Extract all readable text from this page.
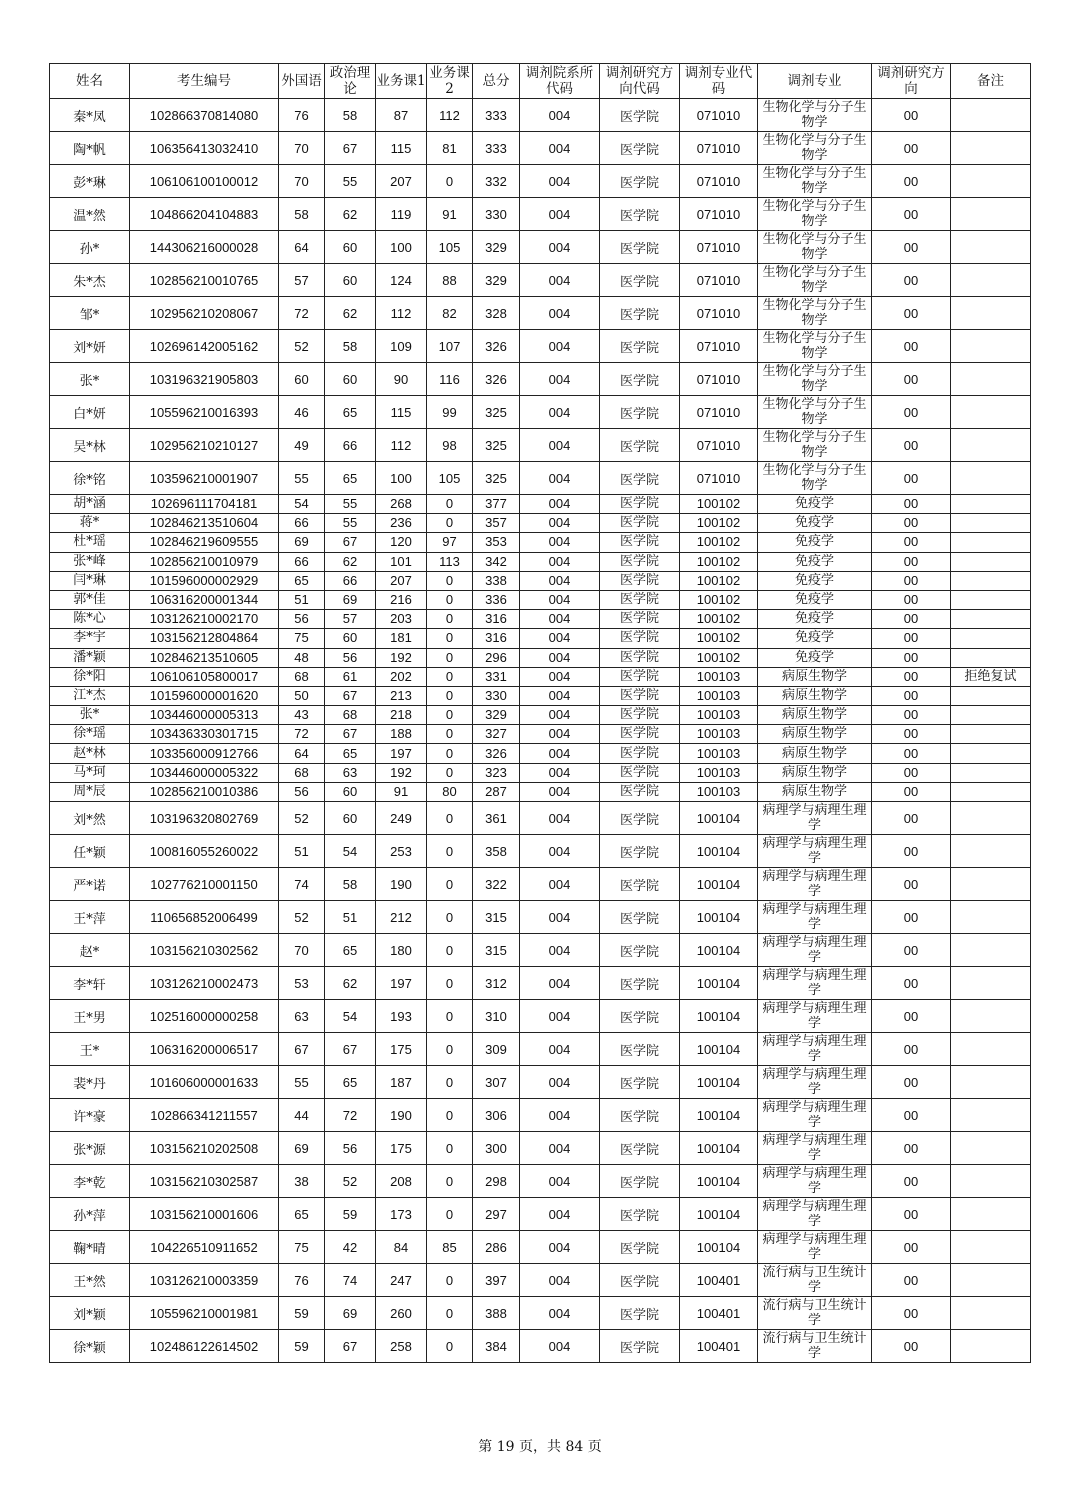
姓名	考生编号	外国语	政治理论	业务课1	业务课2	总分	调剂院系所代码	调剂研究方向代码	调剂专业代码	调剂专业	调剂研究方向	备注
秦*凤	102866370814080	76	58	87	112	333	004	医学院	071010	生物化学与分子生物学	00	
陶*帆	106356413032410	70	67	115	81	333	004	医学院	071010	生物化学与分子生物学	00	
彭*琳	106106100100012	70	55	207	0	332	004	医学院	071010	生物化学与分子生物学	00	
温*然	104866204104883	58	62	119	91	330	004	医学院	071010	生物化学与分子生物学	00	
孙*	144306216000028	64	60	100	105	329	004	医学院	071010	生物化学与分子生物学	00	
朱*杰	102856210010765	57	60	124	88	329	004	医学院	071010	生物化学与分子生物学	00	
邹*	102956210208067	72	62	112	82	328	004	医学院	071010	生物化学与分子生物学	00	
刘*妍	102696142005162	52	58	109	107	326	004	医学院	071010	生物化学与分子生物学	00	
张*	103196321905803	60	60	90	116	326	004	医学院	071010	生物化学与分子生物学	00	
白*妍	105596210016393	46	65	115	99	325	004	医学院	071010	生物化学与分子生物学	00	
吴*林	102956210210127	49	66	112	98	325	004	医学院	071010	生物化学与分子生物学	00	
徐*铭	103596210001907	55	65	100	105	325	004	医学院	071010	生物化学与分子生物学	00	
胡*涵	102696111704181	54	55	268	0	377	004	医学院	100102	免疫学	00	
蒋*	102846213510604	66	55	236	0	357	004	医学院	100102	免疫学	00	
杜*瑶	102846219609555	69	67	120	97	353	004	医学院	100102	免疫学	00	
张*峰	102856210010979	66	62	101	113	342	004	医学院	100102	免疫学	00	
闫*琳	101596000002929	65	66	207	0	338	004	医学院	100102	免疫学	00	
郭*佳	106316200001344	51	69	216	0	336	004	医学院	100102	免疫学	00	
陈*心	103126210002170	56	57	203	0	316	004	医学院	100102	免疫学	00	
李*宇	103156212804864	75	60	181	0	316	004	医学院	100102	免疫学	00	
潘*颖	102846213510605	48	56	192	0	296	004	医学院	100102	免疫学	00	
徐*阳	106106105800017	68	61	202	0	331	004	医学院	100103	病原生物学	00	拒绝复试
江*杰	101596000001620	50	67	213	0	330	004	医学院	100103	病原生物学	00	
张*	103446000005313	43	68	218	0	329	004	医学院	100103	病原生物学	00	
徐*瑶	103436330301715	72	67	188	0	327	004	医学院	100103	病原生物学	00	
赵*林	103356000912766	64	65	197	0	326	004	医学院	100103	病原生物学	00	
马*珂	103446000005322	68	63	192	0	323	004	医学院	100103	病原生物学	00	
周*辰	102856210010386	56	60	91	80	287	004	医学院	100103	病原生物学	00	
刘*然	103196320802769	52	60	249	0	361	004	医学院	100104	病理学与病理生理学	00	
任*颖	100816055260022	51	54	253	0	358	004	医学院	100104	病理学与病理生理学	00	
严*诺	102776210001150	74	58	190	0	322	004	医学院	100104	病理学与病理生理学	00	
王*萍	110656852006499	52	51	212	0	315	004	医学院	100104	病理学与病理生理学	00	
赵*	103156210302562	70	65	180	0	315	004	医学院	100104	病理学与病理生理学	00	
李*轩	103126210002473	53	62	197	0	312	004	医学院	100104	病理学与病理生理学	00	
王*男	102516000000258	63	54	193	0	310	004	医学院	100104	病理学与病理生理学	00	
王*	106316200006517	67	67	175	0	309	004	医学院	100104	病理学与病理生理学	00	
裴*丹	101606000001633	55	65	187	0	307	004	医学院	100104	病理学与病理生理学	00	
许*豪	102866341211557	44	72	190	0	306	004	医学院	100104	病理学与病理生理学	00	
张*源	103156210202508	69	56	175	0	300	004	医学院	100104	病理学与病理生理学	00	
李*乾	103156210302587	38	52	208	0	298	004	医学院	100104	病理学与病理生理学	00	
孙*萍	103156210001606	65	59	173	0	297	004	医学院	100104	病理学与病理生理学	00	
鞠*晴	104226510911652	75	42	84	85	286	004	医学院	100104	病理学与病理生理学	00	
王*然	103126210003359	76	74	247	0	397	004	医学院	100401	流行病与卫生统计学	00	
刘*颖	105596210001981	59	69	260	0	388	004	医学院	100401	流行病与卫生统计学	00	
徐*颖	102486122614502	59	67	258	0	384	004	医学院	100401	流行病与卫生统计学	00	
第 19 页，共 84 页
